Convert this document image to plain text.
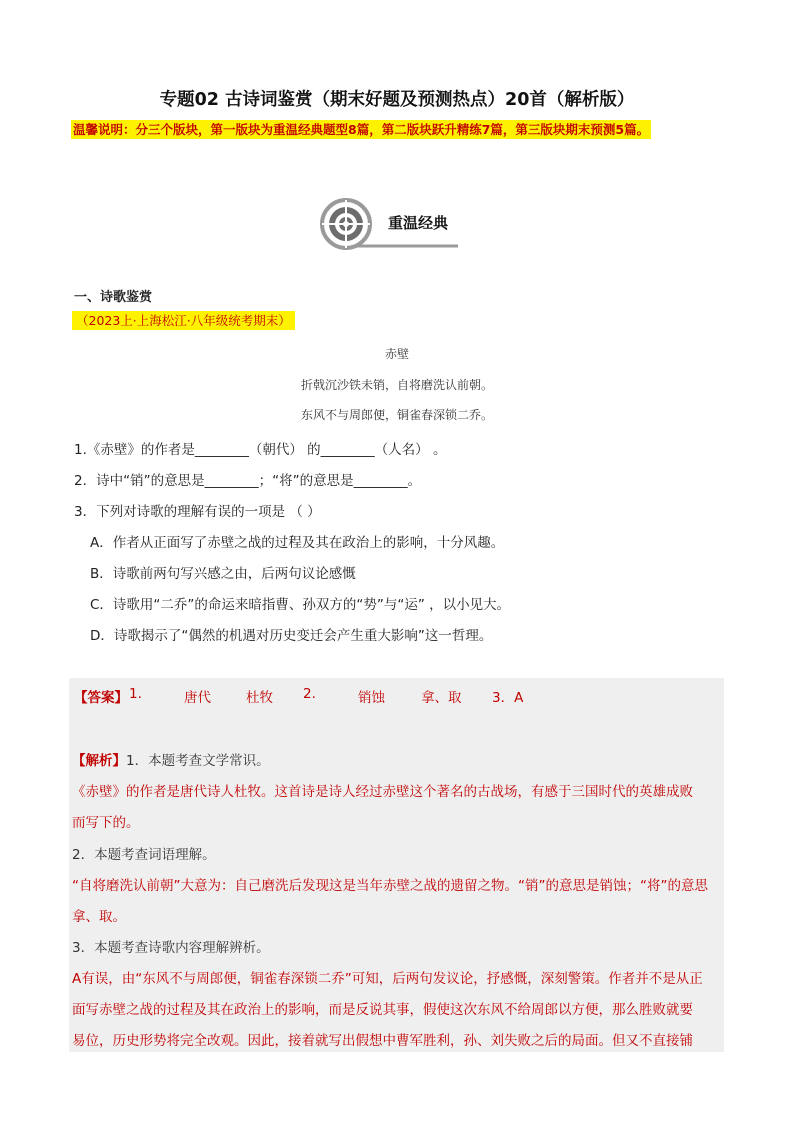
专题02 古诗词鉴赏（期末好题及预测热点）20首（解析版）
温馨说明：分三个版块，第一版块为重温经典题型8篇，第二版块跃升精练7篇，第三版块期末预测5篇。
重温经典
一、诗歌鉴赏
（2023上·上海松江·八年级统考期末）
赤壁
折戟沉沙铁未销，自将磨洗认前朝。
东风不与周郎便，铜雀春深锁二乔。
1.《赤壁》的作者是________（朝代） 的________（人名） 。
2．诗中“销”的意思是________；“将”的意思是________。
3．下列对诗歌的理解有误的一项是 （ ）
A．作者从正面写了赤壁之战的过程及其在政治上的影响，十分风趣。
B．诗歌前两句写兴感之由，后两句议论感慨
C．诗歌用“二乔”的命运来暗指曹、孙双方的“势”与“运” ，以小见大。
D．诗歌揭示了“偶然的机遇对历史变迁会产生重大影响”这一哲理。
【答案】 1.	唐代	杜牧 2.	销蚀	拿、取 3．A
【解析】1．本题考查文学常识。
《赤壁》的作者是唐代诗人杜牧。这首诗是诗人经过赤壁这个著名的古战场，有感于三国时代的英雄成败
而写下的。
2．本题考查词语理解。
“自将磨洗认前朝”大意为：自己磨洗后发现这是当年赤壁之战的遗留之物。“销”的意思是销蚀；“将”的意思
拿、取。
3．本题考查诗歌内容理解辨析。
A有误，由“东风不与周郎便，铜雀春深锁二乔”可知，后两句发议论，抒感慨，深刻警策。作者并不是从正
面写赤壁之战的过程及其在政治上的影响，而是反说其事，假使这次东风不给周郎以方便，那么胜败就要
易位，历史形势将完全改观。因此，接着就写出假想中曹军胜利，孙、刘失败之后的局面。但又不直接铺
